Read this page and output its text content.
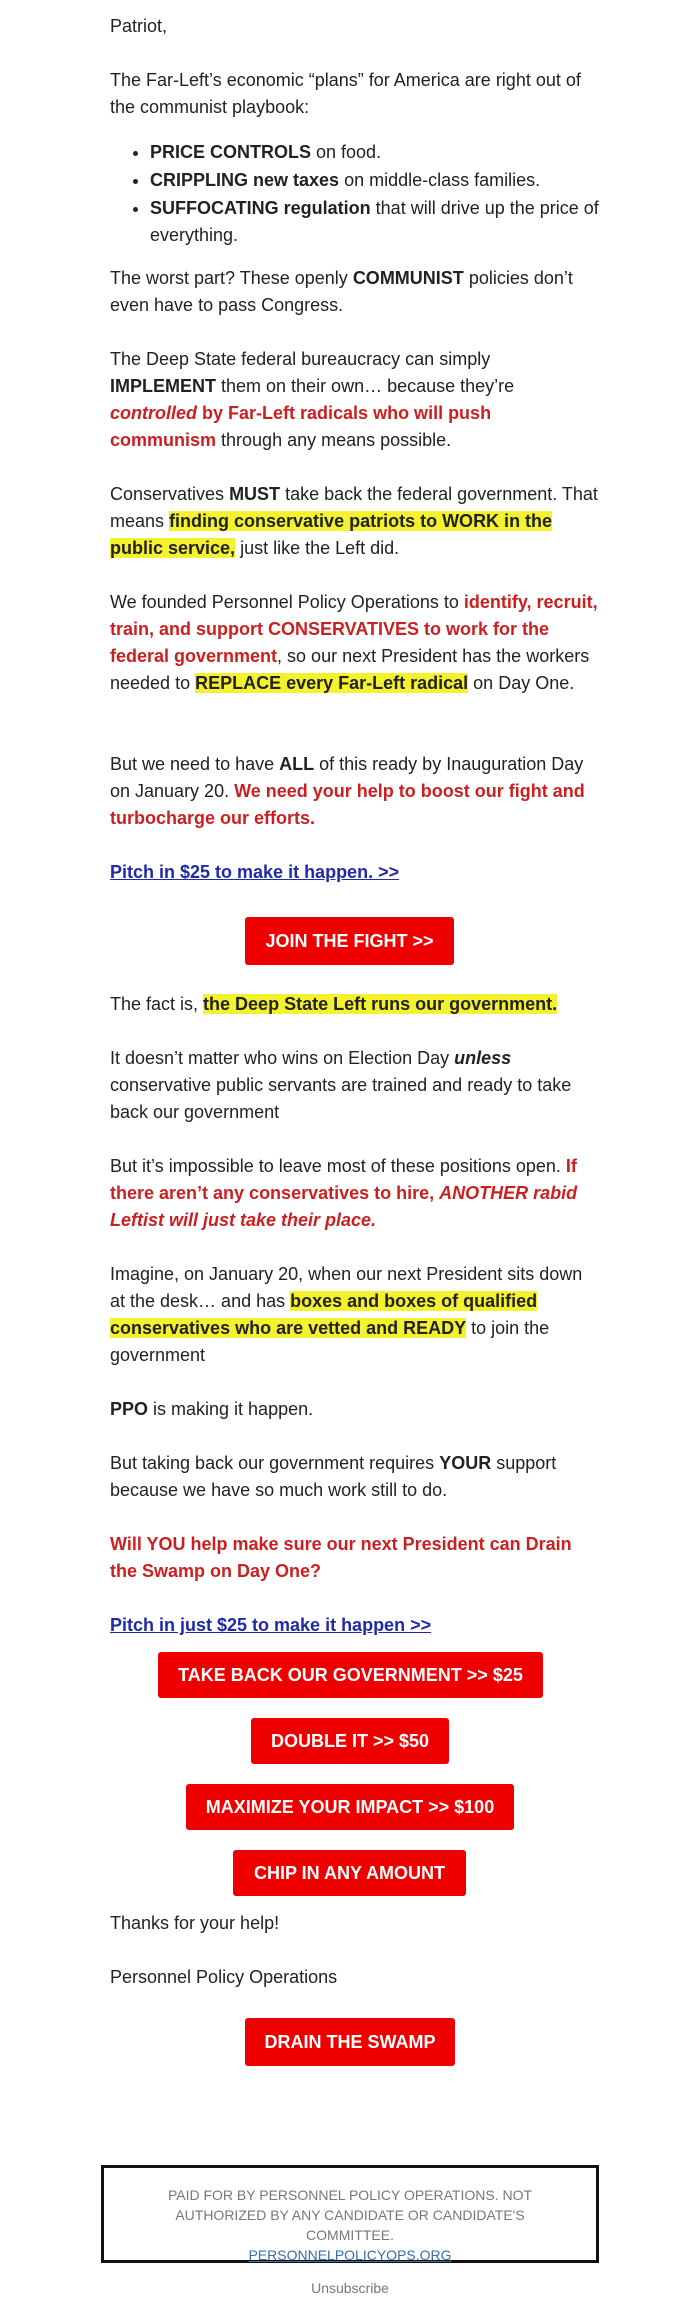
Patriot,

The Far-Left’s economic “plans” for America are right out of the communist playbook:

• PRICE CONTROLS on food.
• CRIPPLING new taxes on middle-class families.
• SUFFOCATING regulation that will drive up the price of everything.

The worst part? These openly COMMUNIST policies don’t even have to pass Congress.

The Deep State federal bureaucracy can simply IMPLEMENT them on their own… because they’re controlled by Far-Left radicals who will push communism through any means possible.

Conservatives MUST take back the federal government. That means finding conservative patriots to WORK in the public service, just like the Left did.

We founded Personnel Policy Operations to identify, recruit, train, and support CONSERVATIVES to work for the federal government, so our next President has the workers needed to REPLACE every Far-Left radical on Day One.

But we need to have ALL of this ready by Inauguration Day on January 20. We need your help to boost our fight and turbocharge our efforts.

Pitch in $25 to make it happen. >>

The fact is, the Deep State Left runs our government.

It doesn’t matter who wins on Election Day unless conservative public servants are trained and ready to take back our government

But it’s impossible to leave most of these positions open. If there aren’t any conservatives to hire, ANOTHER rabid Leftist will just take their place.

Imagine, on January 20, when our next President sits down at the desk… and has boxes and boxes of qualified conservatives who are vetted and READY to join the government

PPO is making it happen.

But taking back our government requires YOUR support because we have so much work still to do.

Will YOU help make sure our next President can Drain the Swamp on Day One?

Pitch in just $25 to make it happen >>

Thanks for your help!

Personnel Policy Operations

JOIN THE FIGHT >>
TAKE BACK OUR GOVERNMENT >> $25
DOUBLE IT >> $50
MAXIMIZE YOUR IMPACT >> $100
CHIP IN ANY AMOUNT
DRAIN THE SWAMP
PAID FOR BY PERSONNEL POLICY OPERATIONS. NOT AUTHORIZED BY ANY CANDIDATE OR CANDIDATE'S COMMITTEE.
PERSONNELPOLICYOPS.ORG
Unsubscribe
